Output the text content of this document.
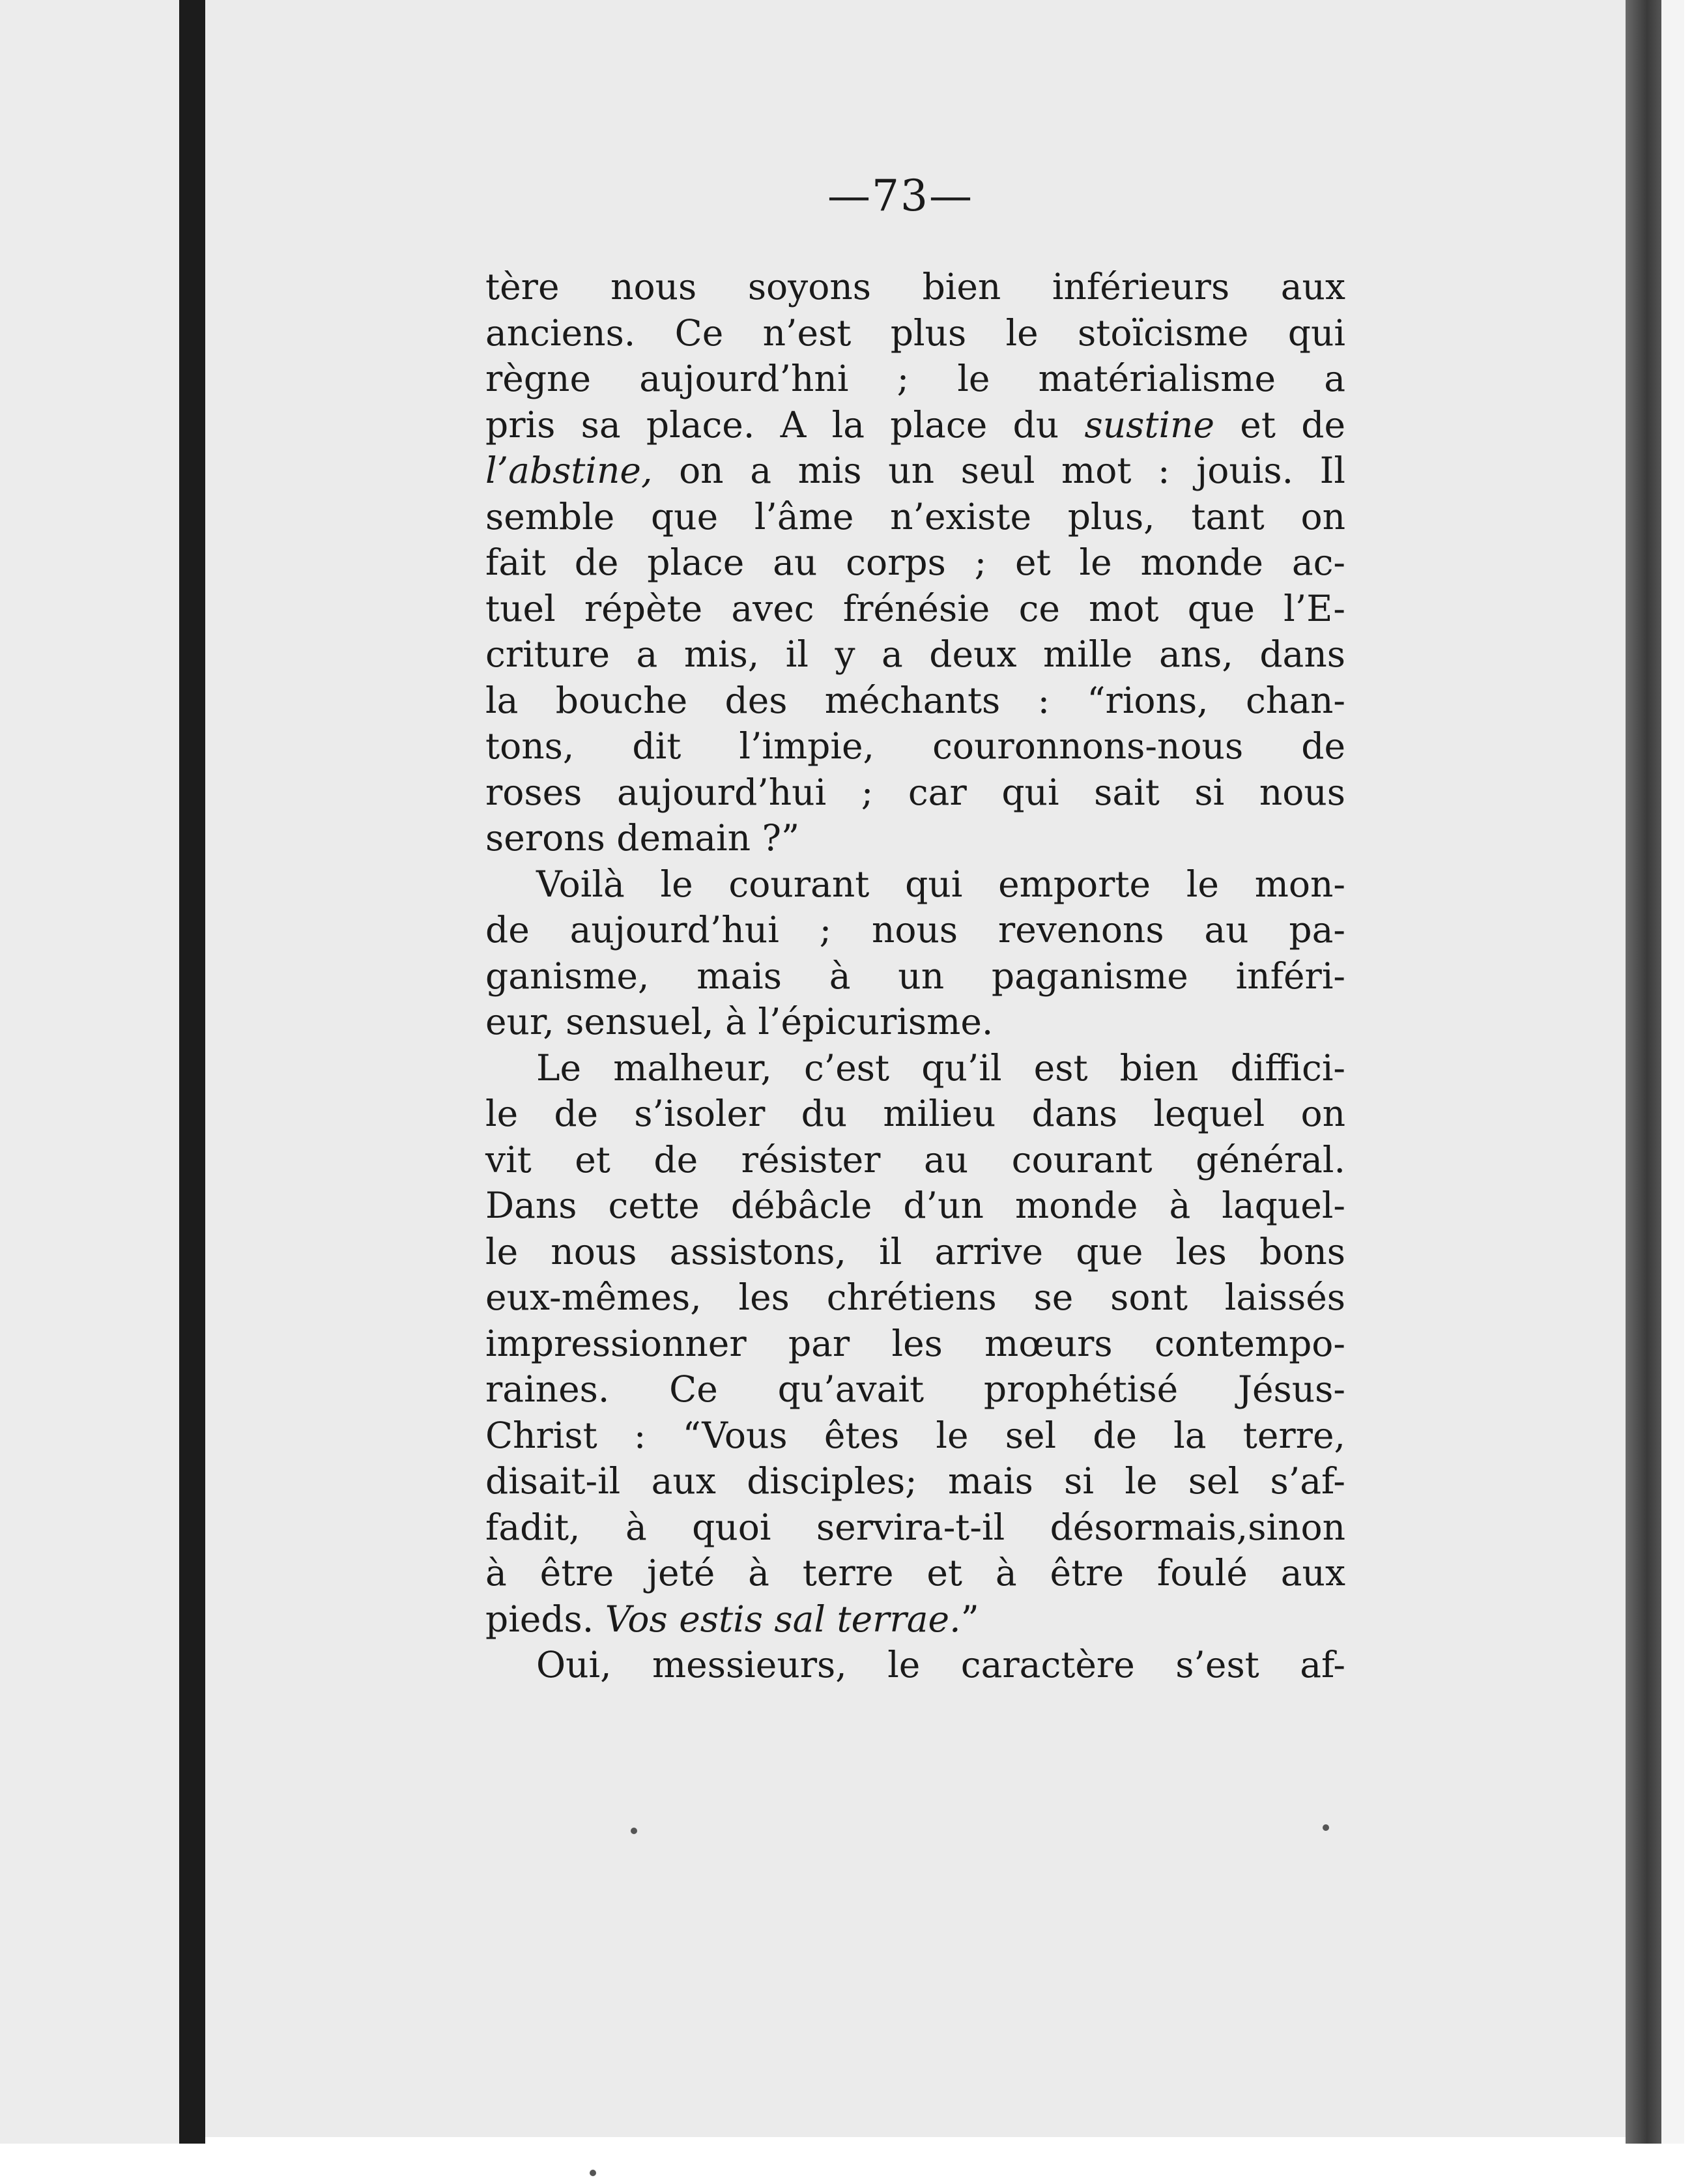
—73—
tère nous soyons bien inférieurs aux
anciens. Ce n’est plus le stoïcisme qui
règne aujourd’hni ; le matérialisme a
pris sa place. A la place du sustine et de
l’abstine, on a mis un seul mot : jouis. Il
semble que l’âme n’existe plus, tant on
fait de place au corps ; et le monde ac-
tuel répète avec frénésie ce mot que l’E-
criture a mis, il y a deux mille ans, dans
la bouche des méchants : “rions, chan-
tons, dit l’impie, couronnons-nous de
roses aujourd’hui ; car qui sait si nous
serons demain ?”
Voilà le courant qui emporte le mon-
de aujourd’hui ; nous revenons au pa-
ganisme, mais à un paganisme inféri-
eur, sensuel, à l’épicurisme.
Le malheur, c’est qu’il est bien diffici-
le de s’isoler du milieu dans lequel on
vit et de résister au courant général.
Dans cette débâcle d’un monde à laquel-
le nous assistons, il arrive que les bons
eux-mêmes, les chrétiens se sont laissés
impressionner par les mœurs contempo-
raines. Ce qu’avait prophétisé Jésus-
Christ : “Vous êtes le sel de la terre,
disait-il aux disciples; mais si le sel s’af-
fadit, à quoi servira-t-il désormais,sinon
à être jeté à terre et à être foulé aux
pieds. Vos estis sal terrae.”
Oui, messieurs, le caractère s’est af-
